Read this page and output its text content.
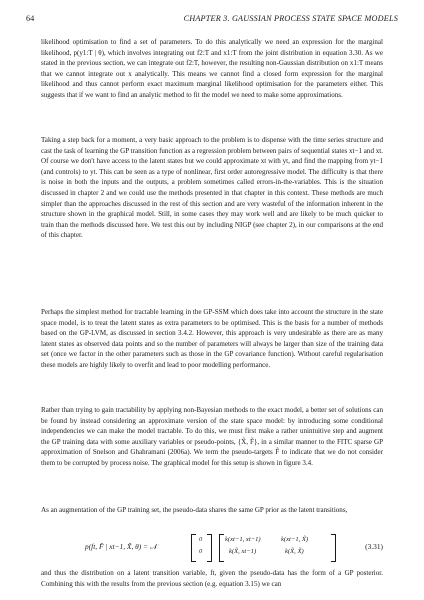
64	CHAPTER 3. GAUSSIAN PROCESS STATE SPACE MODELS
likelihood optimisation to find a set of parameters. To do this analytically we need an expression for the marginal likelihood, p(y1:T | θ), which involves integrating out f2:T and x1:T from the joint distribution in equation 3.30. As we stated in the previous section, we can integrate out f2:T, however, the resulting non-Gaussian distribution on x1:T means that we cannot integrate out x analytically. This means we cannot find a closed form expression for the marginal likelihood and thus cannot perform exact maximum marginal likelihood optimisation for the parameters either. This suggests that if we want to find an analytic method to fit the model we need to make some approximations.
Taking a step back for a moment, a very basic approach to the problem is to dispense with the time series structure and cast the task of learning the GP transition function as a regression problem between pairs of sequential states xt−1 and xt. Of course we don't have access to the latent states but we could approximate xt with yt, and find the mapping from yt−1 (and controls) to yt. This can be seen as a type of nonlinear, first order autoregressive model. The difficulty is that there is noise in both the inputs and the outputs, a problem sometimes called errors-in-the-variables. This is the situation discussed in chapter 2 and we could use the methods presented in that chapter in this context. These methods are much simpler than the approaches discussed in the rest of this section and are very wasteful of the information inherent in the structure shown in the graphical model. Still, in some cases they may work well and are likely to be much quicker to train than the methods discussed here. We test this out by including NIGP (see chapter 2), in our comparisons at the end of this chapter.
Perhaps the simplest method for tractable learning in the GP-SSM which does take into account the structure in the state space model, is to treat the latent states as extra parameters to be optimised. This is the basis for a number of methods based on the GP-LVM, as discussed in section 3.4.2. However, this approach is very undesirable as there are as many latent states as observed data points and so the number of parameters will always be larger than size of the training data set (once we factor in the other parameters such as those in the GP covariance function). Without careful regularisation these models are highly likely to overfit and lead to poor modelling performance.
Rather than trying to gain tractability by applying non-Bayesian methods to the exact model, a better set of solutions can be found by instead considering an approximate version of the state space model: by introducing some conditional independencies we can make the model tractable. To do this, we must first make a rather unintuitive step and augment the GP training data with some auxiliary variables or pseudo-points, {X̃, F̃}, in a similar manner to the FITC sparse GP approximation of Snelson and Ghahramani (2006a). We term the pseudo-targets F̃ to indicate that we do not consider them to be corrupted by process noise. The graphical model for this setup is shown in figure 3.4.
As an augmentation of the GP training set, the pseudo-data shares the same GP prior as the latent transitions,
p(ft, F̃ | xt−1, X̃, θ) = 𝒩
0
0
k(xt−1, xt−1)	k(xt−1, X̃)
k(X̃, xt−1)	k(X̃, X̃)
(3.31)
and thus the distribution on a latent transition variable, ft, given the pseudo-data has the form of a GP posterior. Combining this with the results from the previous section (e.g. equation 3.15) we can
